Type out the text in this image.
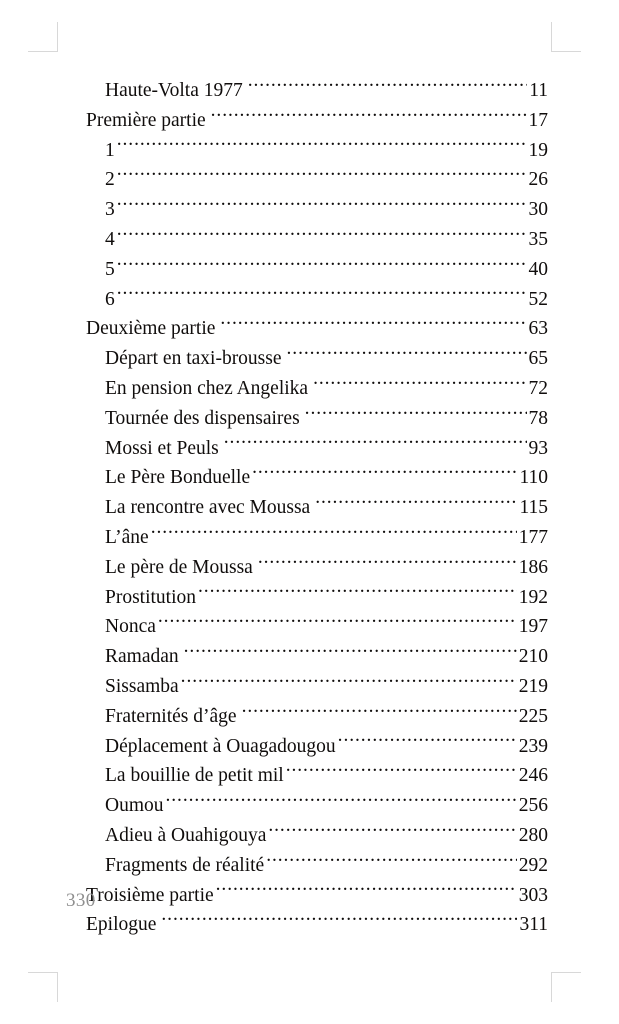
Haute-Volta 1977 .....	11
Première partie .....	17
1 .....	19
2 .....	26
3 .....	30
4 .....	35
5 .....	40
6 .....	52
Deuxième partie .....	63
Départ en taxi-brousse .....	65
En pension chez Angelika .....	72
Tournée des dispensaires .....	78
Mossi et Peuls .....	93
Le Père Bonduelle .....	110
La rencontre avec Moussa .....	115
L’âne .....	177
Le père de Moussa .....	186
Prostitution .....	192
Nonca .....	197
Ramadan .....	210
Sissamba .....	219
Fraternités d’âge .....	225
Déplacement à Ouagadougou .....	239
La bouillie de petit mil .....	246
Oumou .....	256
Adieu à Ouahigouya .....	280
Fragments de réalité .....	292
Troisième partie .....	303
Epilogue .....	311
330
